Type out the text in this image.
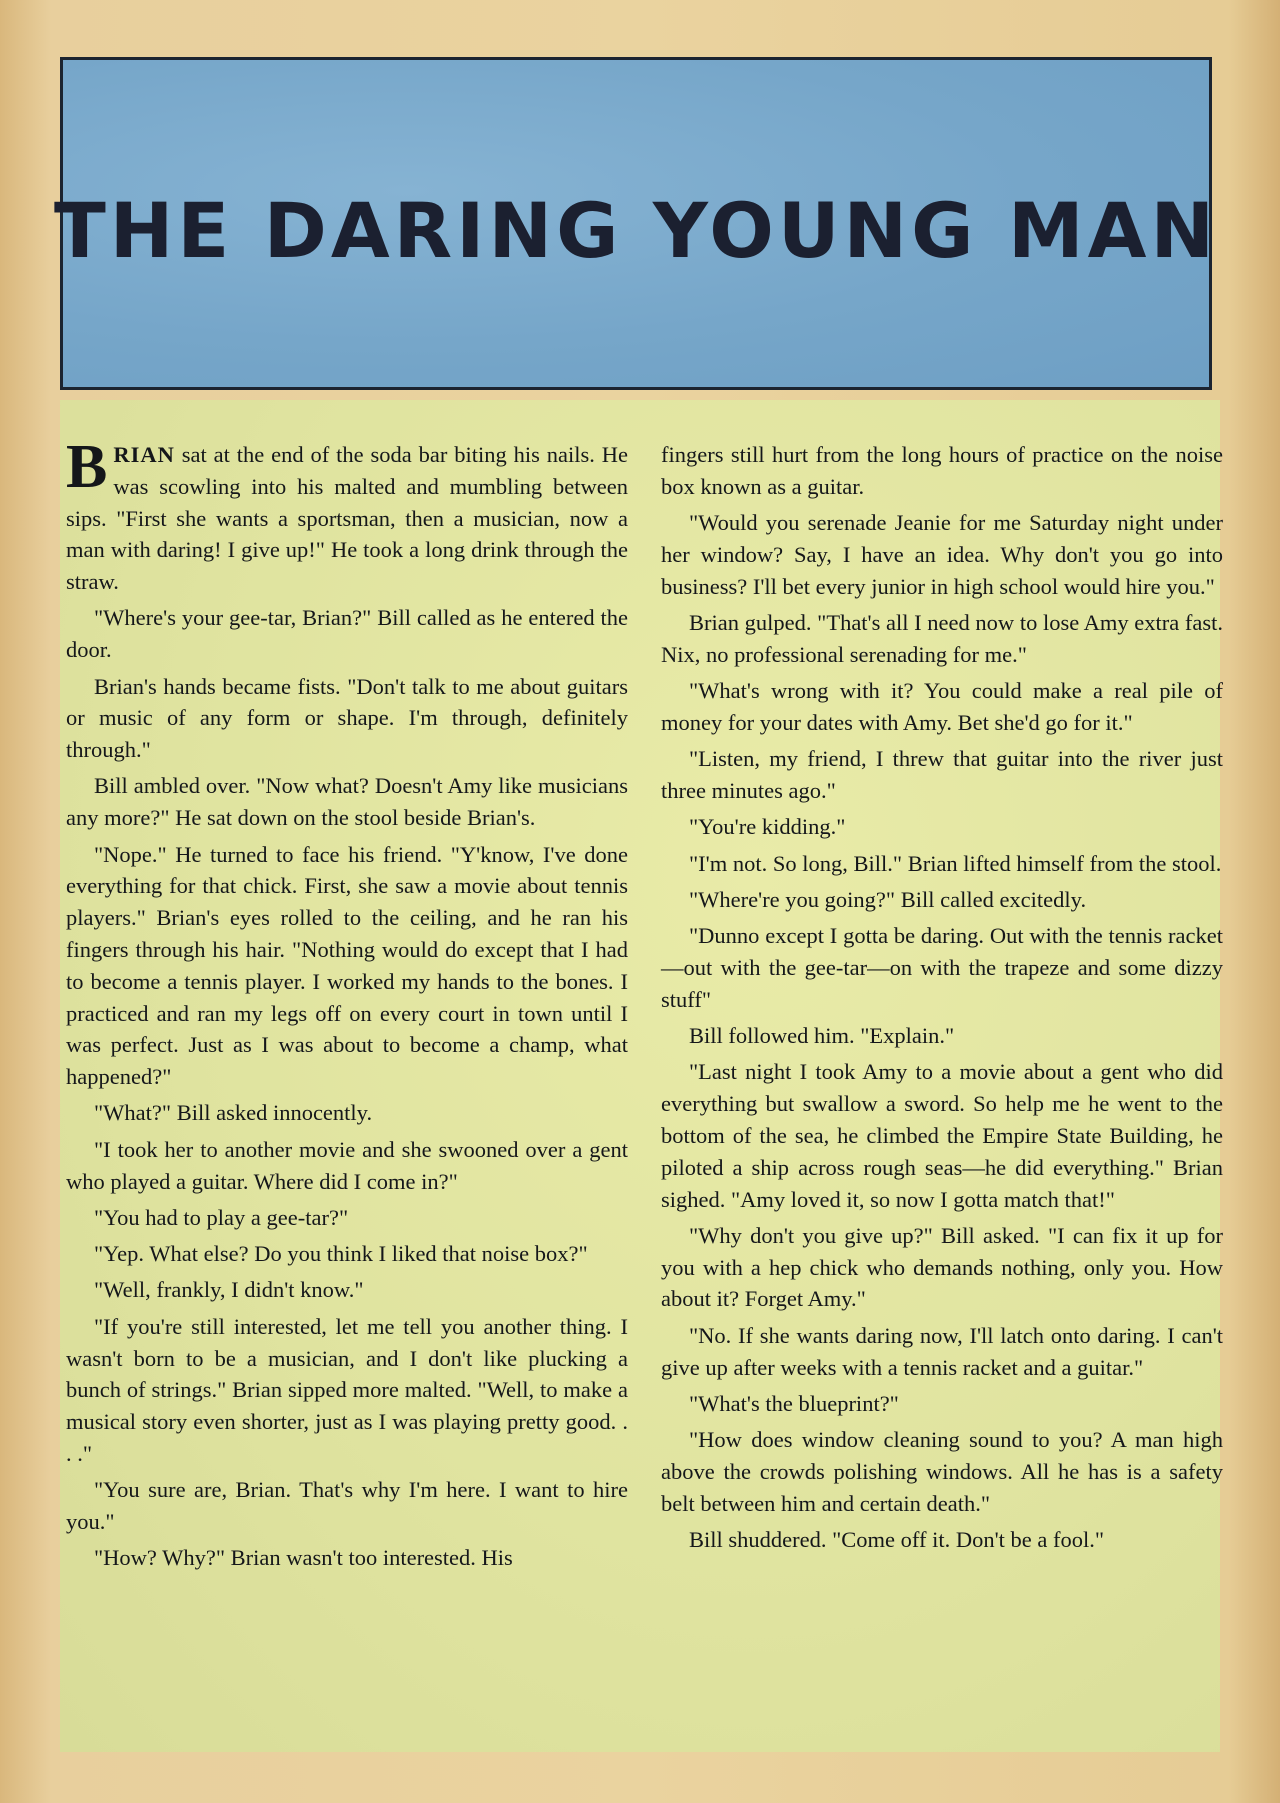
THE DARING YOUNG MAN

BRIAN sat at the end of the soda bar biting his nails. He was scowling into his malted and mumbling between sips. "First she wants a sportsman, then a musician, now a man with daring! I give up!" He took a long drink through the straw.

"Where's your gee-tar, Brian?" Bill called as he entered the door.

Brian's hands became fists. "Don't talk to me about guitars or music of any form or shape. I'm through, definitely through."

Bill ambled over. "Now what? Doesn't Amy like musicians any more?" He sat down on the stool beside Brian's.

"Nope." He turned to face his friend. "Y'know, I've done everything for that chick. First, she saw a movie about tennis players." Brian's eyes rolled to the ceiling, and he ran his fingers through his hair. "Nothing would do except that I had to become a tennis player. I worked my hands to the bones. I practiced and ran my legs off on every court in town until I was perfect. Just as I was about to become a champ, what happened?"

"What?" Bill asked innocently.

"I took her to another movie and she swooned over a gent who played a guitar. Where did I come in?"

"You had to play a gee-tar?"

"Yep. What else? Do you think I liked that noise box?"

"Well, frankly, I didn't know."

"If you're still interested, let me tell you another thing. I wasn't born to be a musician, and I don't like plucking a bunch of strings." Brian sipped more malted. "Well, to make a musical story even shorter, just as I was playing pretty good. . . ."

"You sure are, Brian. That's why I'm here. I want to hire you."

"How? Why?" Brian wasn't too interested. His

fingers still hurt from the long hours of practice on the noise box known as a guitar.

"Would you serenade Jeanie for me Saturday night under her window? Say, I have an idea. Why don't you go into business? I'll bet every junior in high school would hire you."

Brian gulped. "That's all I need now to lose Amy extra fast. Nix, no professional serenading for me."

"What's wrong with it? You could make a real pile of money for your dates with Amy. Bet she'd go for it."

"Listen, my friend, I threw that guitar into the river just three minutes ago."

"You're kidding."

"I'm not. So long, Bill." Brian lifted himself from the stool.

"Where're you going?" Bill called excitedly.

"Dunno except I gotta be daring. Out with the tennis racket—out with the gee-tar—on with the trapeze and some dizzy stuff"

Bill followed him. "Explain."

"Last night I took Amy to a movie about a gent who did everything but swallow a sword. So help me he went to the bottom of the sea, he climbed the Empire State Building, he piloted a ship across rough seas—he did everything." Brian sighed. "Amy loved it, so now I gotta match that!"

"Why don't you give up?" Bill asked. "I can fix it up for you with a hep chick who demands nothing, only you. How about it? Forget Amy."

"No. If she wants daring now, I'll latch onto daring. I can't give up after weeks with a tennis racket and a guitar."

"What's the blueprint?"

"How does window cleaning sound to you? A man high above the crowds polishing windows. All he has is a safety belt between him and certain death."

Bill shuddered. "Come off it. Don't be a fool."
